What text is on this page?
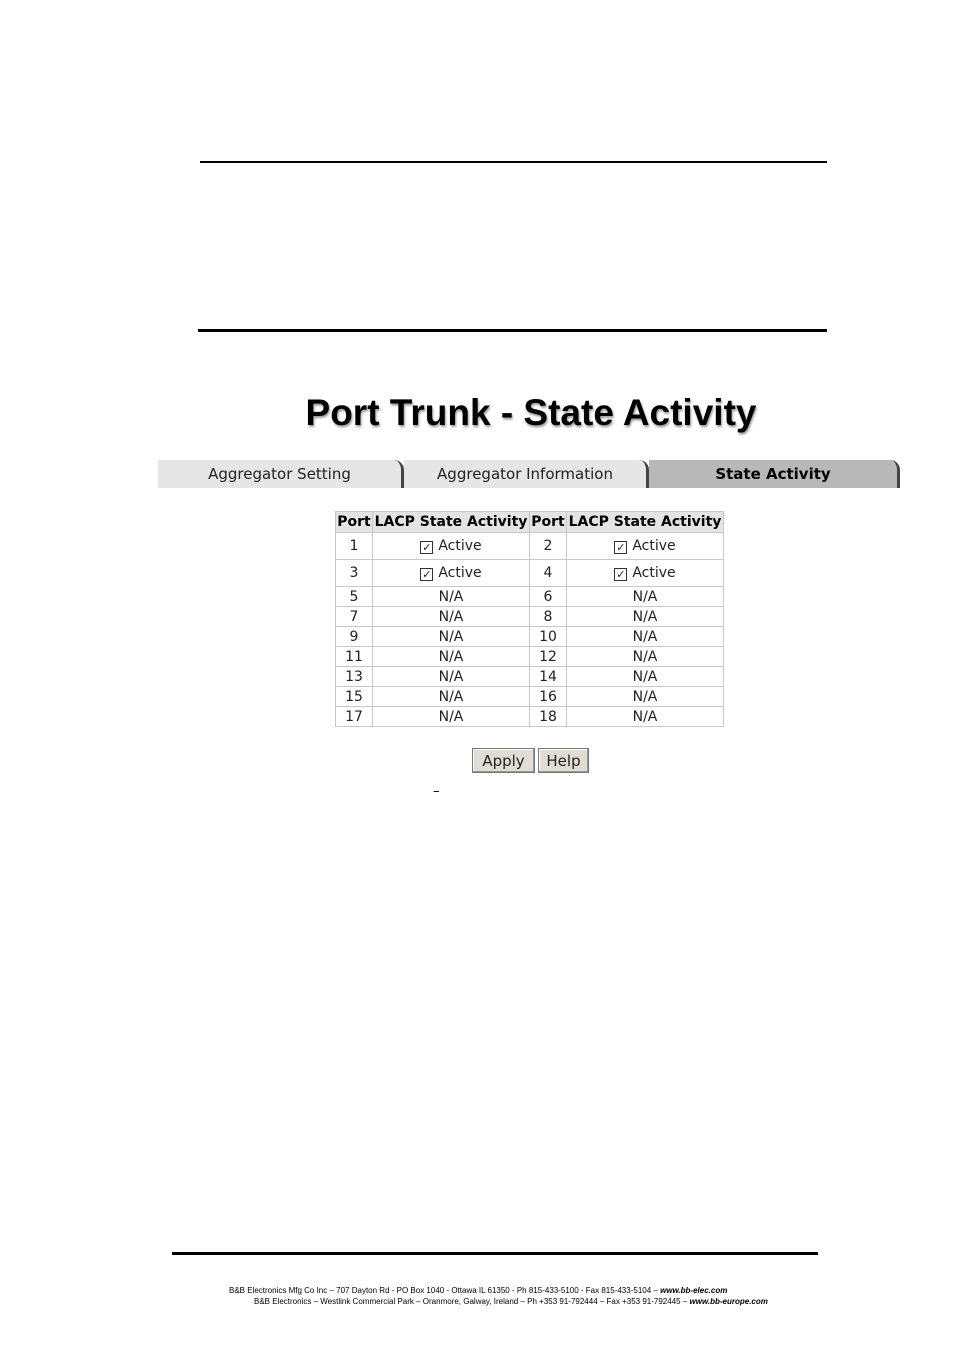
Port Trunk - State Activity
Aggregator Setting	Aggregator Information	State Activity
Port	LACP State Activity	Port	LACP State Activity
1	✓ Active	2	✓ Active
3	✓ Active	4	✓ Active
5	N/A	6	N/A
7	N/A	8	N/A
9	N/A	10	N/A
11	N/A	12	N/A
13	N/A	14	N/A
15	N/A	16	N/A
17	N/A	18	N/A
Apply	Help
–
B&B Electronics Mfg Co Inc – 707 Dayton Rd - PO Box 1040 - Ottawa IL 61350 - Ph 815-433-5100 - Fax 815-433-5104 – www.bb-elec.com
B&B Electronics – Westlink Commercial Park – Oranmore, Galway, Ireland – Ph +353 91-792444 – Fax +353 91-792445 – www.bb-europe.com
